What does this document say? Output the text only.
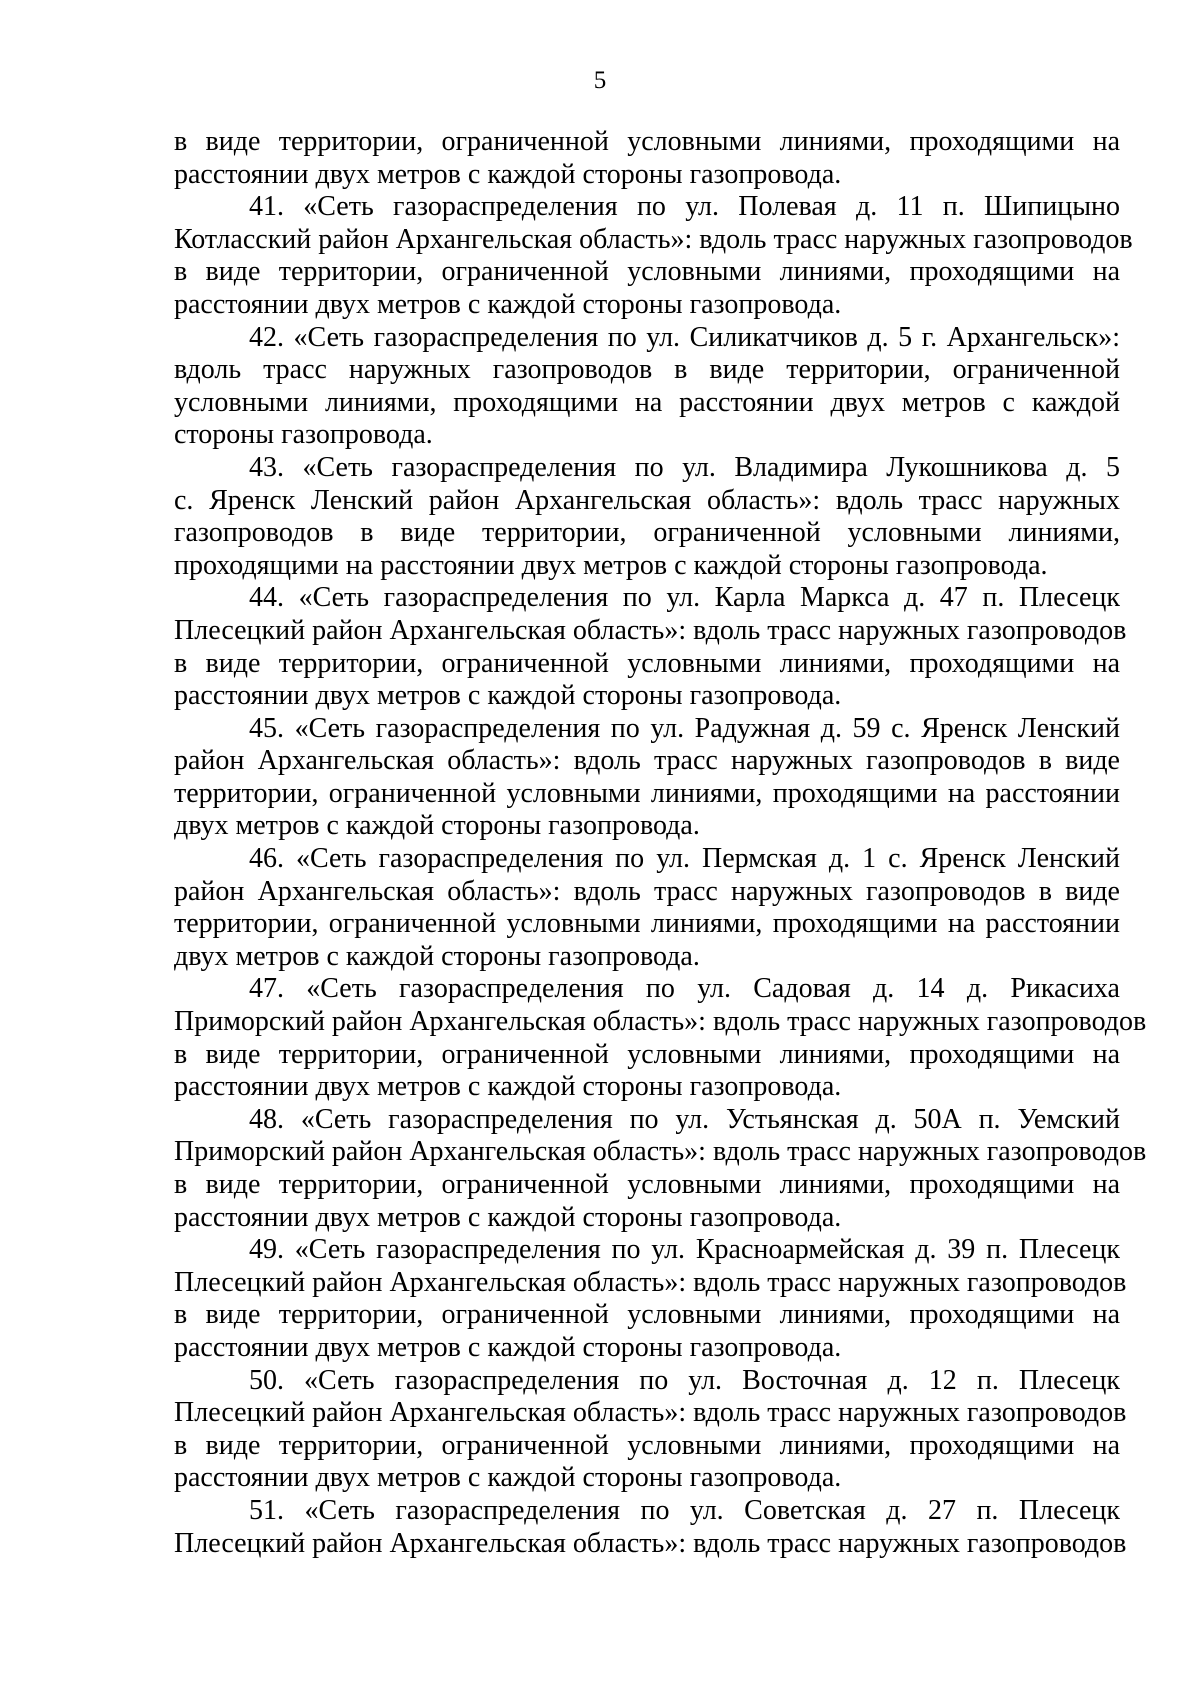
5
в виде территории, ограниченной условными линиями, проходящими на
расстоянии двух метров с каждой стороны газопровода.
41. «Сеть газораспределения по ул. Полевая д. 11 п. Шипицыно
Котласский район Архангельская область»: вдоль трасс наружных газопроводов
в виде территории, ограниченной условными линиями, проходящими на
расстоянии двух метров с каждой стороны газопровода.
42. «Сеть газораспределения по ул. Силикатчиков д. 5 г. Архангельск»:
вдоль трасс наружных газопроводов в виде территории, ограниченной
условными линиями, проходящими на расстоянии двух метров с каждой
стороны газопровода.
43. «Сеть газораспределения по ул. Владимира Лукошникова д. 5
с. Яренск Ленский район Архангельская область»: вдоль трасс наружных
газопроводов в виде территории, ограниченной условными линиями,
проходящими на расстоянии двух метров с каждой стороны газопровода.
44. «Сеть газораспределения по ул. Карла Маркса д. 47 п. Плесецк
Плесецкий район Архангельская область»: вдоль трасс наружных газопроводов
в виде территории, ограниченной условными линиями, проходящими на
расстоянии двух метров с каждой стороны газопровода.
45. «Сеть газораспределения по ул. Радужная д. 59 с. Яренск Ленский
район Архангельская область»: вдоль трасс наружных газопроводов в виде
территории, ограниченной условными линиями, проходящими на расстоянии
двух метров с каждой стороны газопровода.
46. «Сеть газораспределения по ул. Пермская д. 1 с. Яренск Ленский
район Архангельская область»: вдоль трасс наружных газопроводов в виде
территории, ограниченной условными линиями, проходящими на расстоянии
двух метров с каждой стороны газопровода.
47. «Сеть газораспределения по ул. Садовая д. 14 д. Рикасиха
Приморский район Архангельская область»: вдоль трасс наружных газопроводов
в виде территории, ограниченной условными линиями, проходящими на
расстоянии двух метров с каждой стороны газопровода.
48. «Сеть газораспределения по ул. Устьянская д. 50А п. Уемский
Приморский район Архангельская область»: вдоль трасс наружных газопроводов
в виде территории, ограниченной условными линиями, проходящими на
расстоянии двух метров с каждой стороны газопровода.
49. «Сеть газораспределения по ул. Красноармейская д. 39 п. Плесецк
Плесецкий район Архангельская область»: вдоль трасс наружных газопроводов
в виде территории, ограниченной условными линиями, проходящими на
расстоянии двух метров с каждой стороны газопровода.
50. «Сеть газораспределения по ул. Восточная д. 12 п. Плесецк
Плесецкий район Архангельская область»: вдоль трасс наружных газопроводов
в виде территории, ограниченной условными линиями, проходящими на
расстоянии двух метров с каждой стороны газопровода.
51. «Сеть газораспределения по ул. Советская д. 27 п. Плесецк
Плесецкий район Архангельская область»: вдоль трасс наружных газопроводов
